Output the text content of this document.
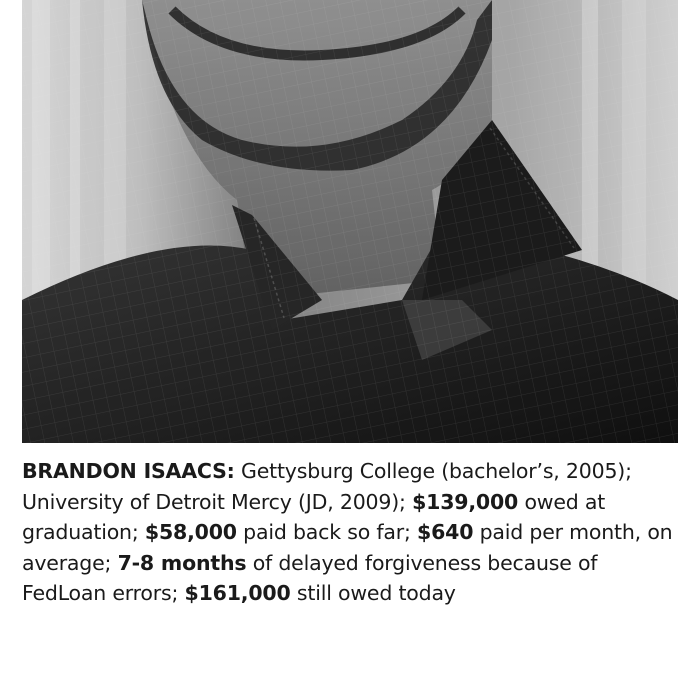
BRANDON ISAACS: Gettysburg College (bachelor’s, 2005); University of Detroit Mercy (JD, 2009); $139,000 owed at graduation; $58,000 paid back so far; $640 paid per month, on average; 7-8 months of delayed forgiveness because of FedLoan errors; $161,000 still owed today
